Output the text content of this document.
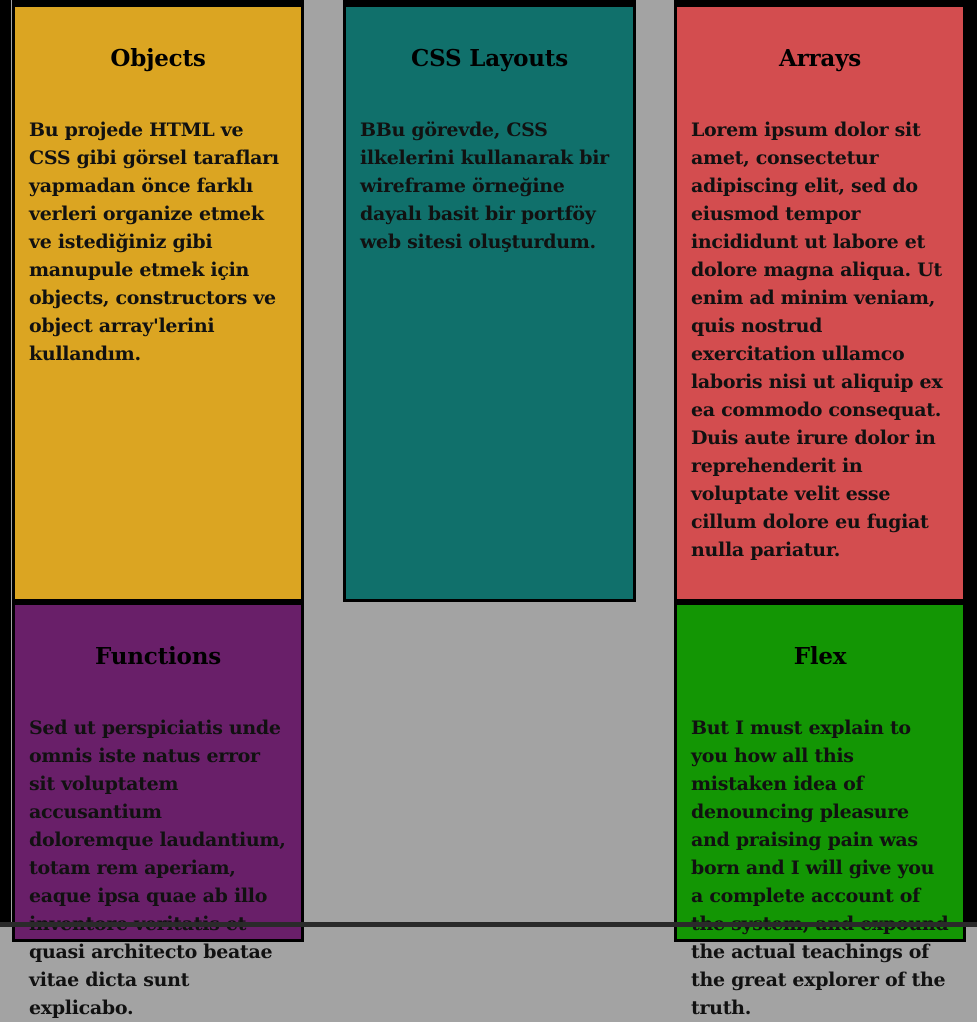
Objects

Bu projede HTML ve CSS gibi görsel tarafları yapmadan önce farklı verleri organize etmek ve istediğiniz gibi manupule etmek için objects, constructors ve object array'lerini kullandım.

CSS Layouts

BBu görevde, CSS ilkelerini kullanarak bir wireframe örneğine dayalı basit bir portföy web sitesi oluşturdum.

Arrays

Lorem ipsum dolor sit amet, consectetur adipiscing elit, sed do eiusmod tempor incididunt ut labore et dolore magna aliqua. Ut enim ad minim veniam, quis nostrud exercitation ullamco laboris nisi ut aliquip ex ea commodo consequat. Duis aute irure dolor in reprehenderit in voluptate velit esse cillum dolore eu fugiat nulla pariatur.

Functions

Sed ut perspiciatis unde omnis iste natus error sit voluptatem accusantium doloremque laudantium, totam rem aperiam, eaque ipsa quae ab illo quasi architecto beatae vitae dicta sunt explicabo.

Flex

But I must explain to you how all this mistaken idea of denouncing pleasure and praising pain was born and I will give you a complete account of the actual teachings of the great explorer of the truth.
